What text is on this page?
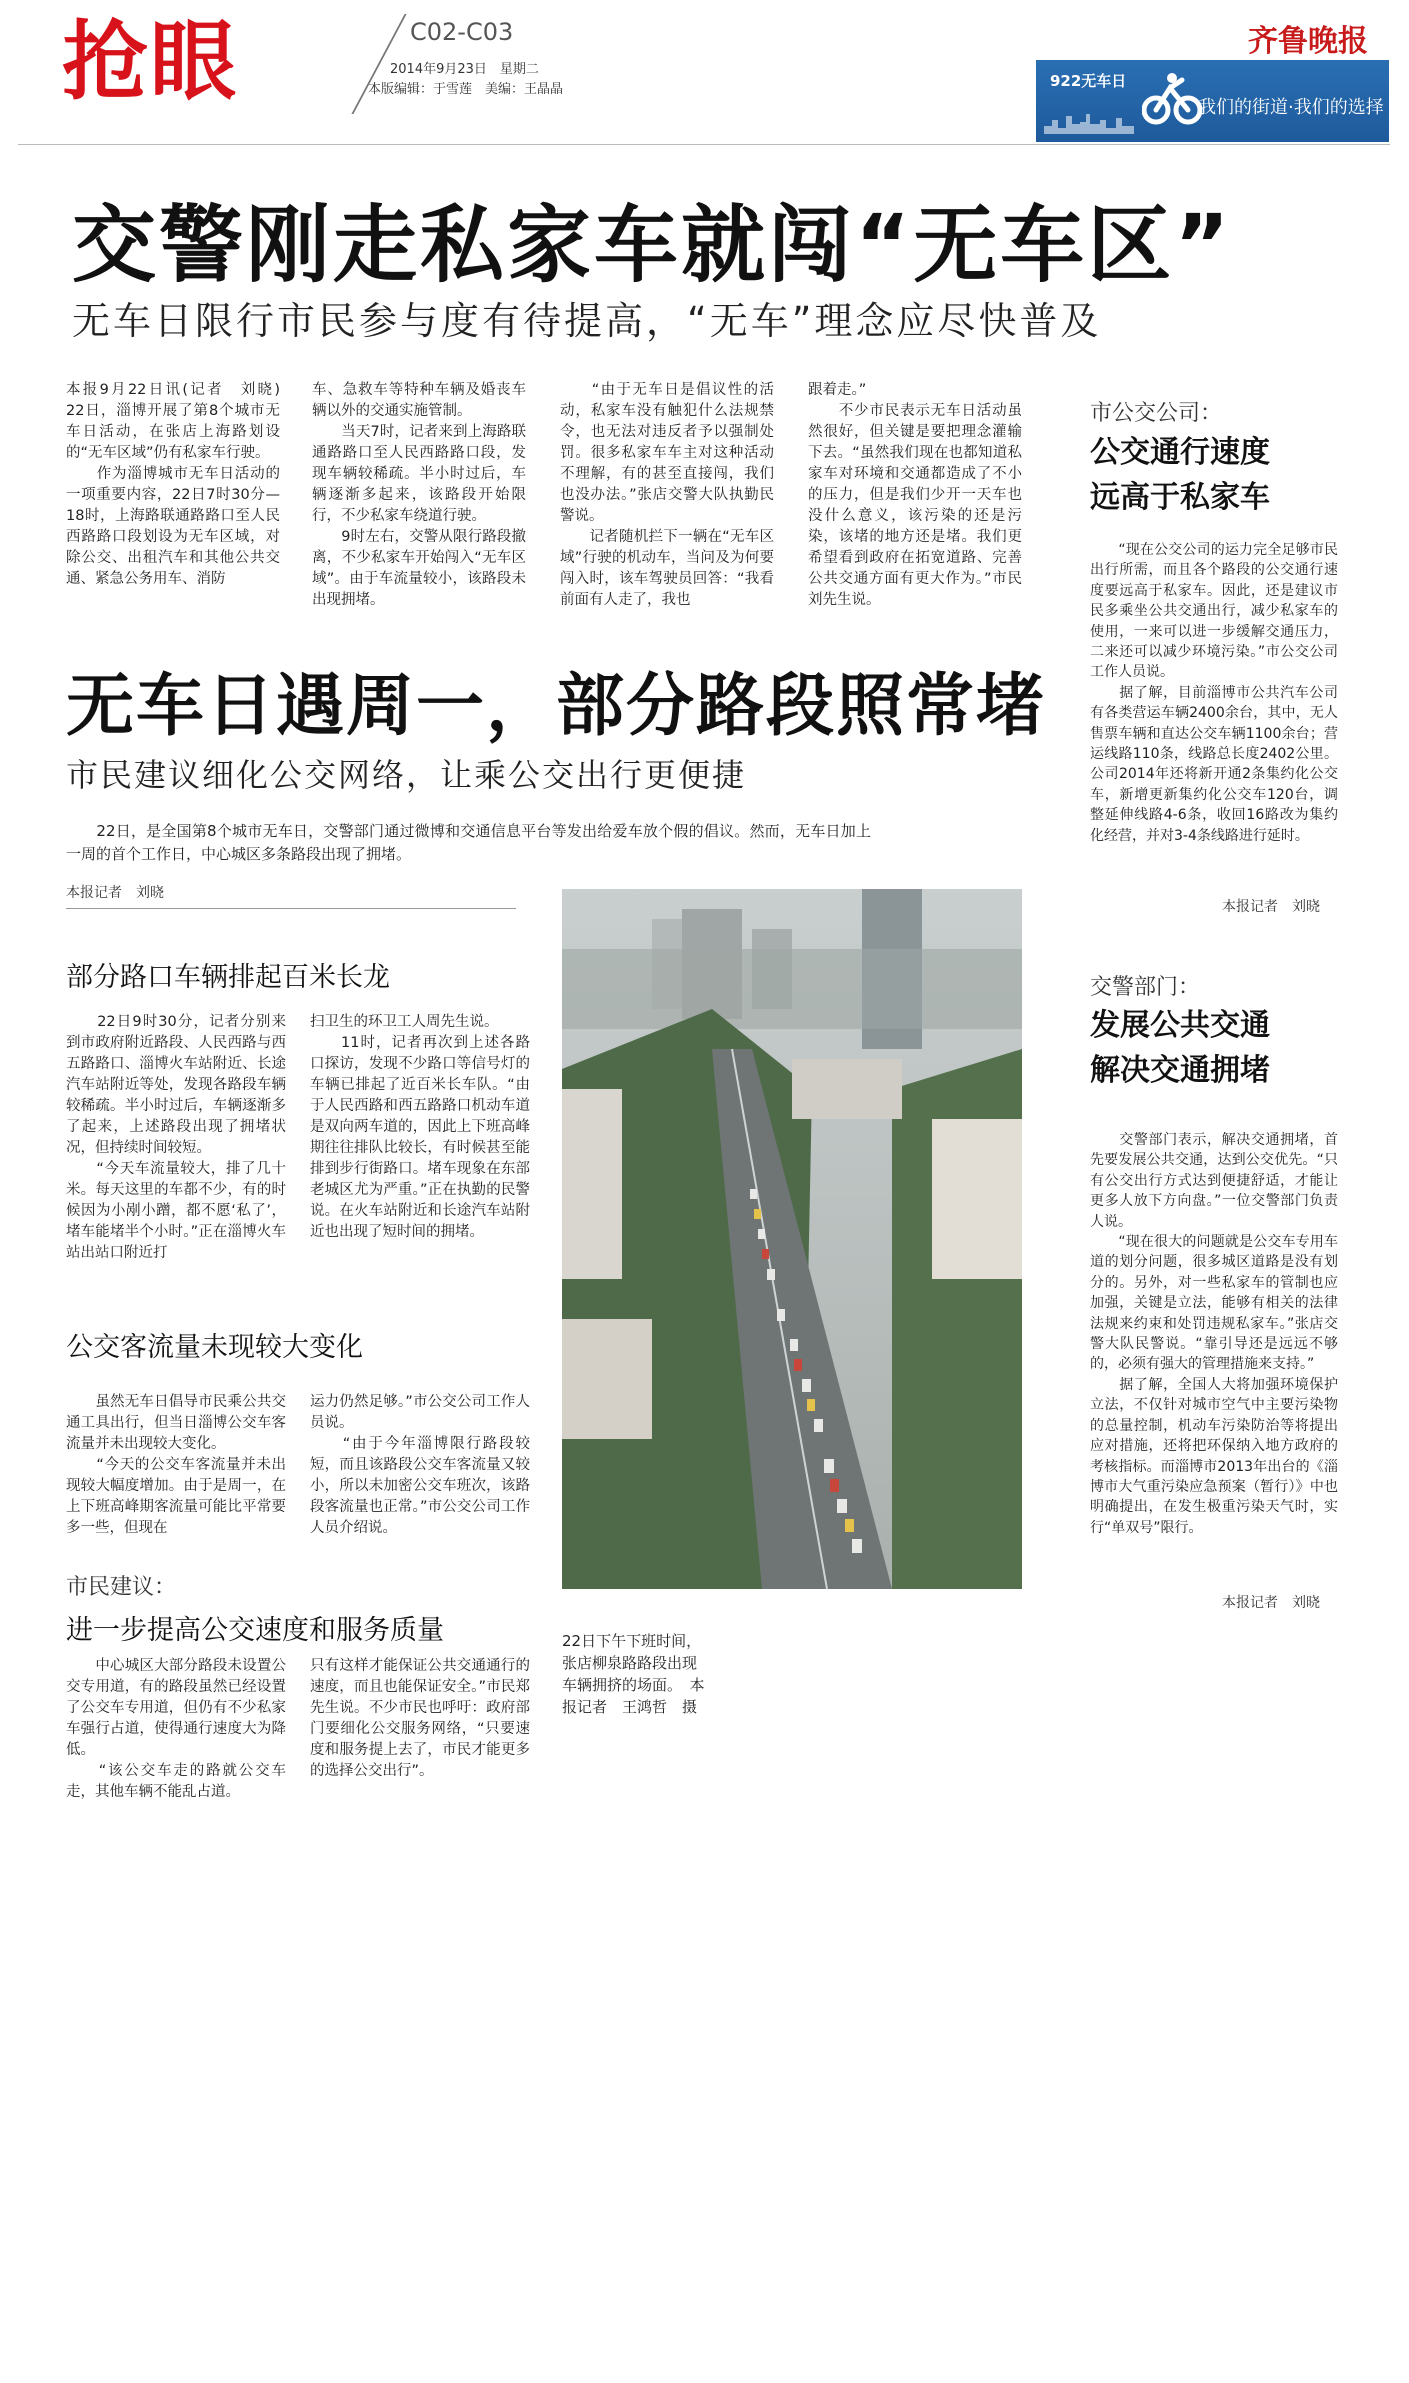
抢眼	C02-C03
2014年9月23日　星期二
本版编辑：于雪莲　美编：王晶晶
齐鲁晚报
922无车日
我们的街道·我们的选择
交警刚走私家车就闯“无车区”
无车日限行市民参与度有待提高，“无车”理念应尽快普及
本报9月22日讯(记者　刘晓)　22日，淄博开展了第8个城市无车日活动，在张店上海路划设的“无车区域”仍有私家车行驶。
　　作为淄博城市无车日活动的一项重要内容，22日7时30分—18时，上海路联通路路口至人民西路路口段划设为无车区域，对除公交、出租汽车和其他公共交通、紧急公务用车、消防
车、急救车等特种车辆及婚丧车辆以外的交通实施管制。
　　当天7时，记者来到上海路联通路路口至人民西路路口段，发现车辆较稀疏。半小时过后，车辆逐渐多起来，该路段开始限行，不少私家车绕道行驶。
　　9时左右，交警从限行路段撤离，不少私家车开始闯入“无车区域”。由于车流量较小，该路段未出现拥堵。
　　“由于无车日是倡议性的活动，私家车没有触犯什么法规禁令，也无法对违反者予以强制处罚。很多私家车车主对这种活动不理解，有的甚至直接闯，我们也没办法。”张店交警大队执勤民警说。
　　记者随机拦下一辆在“无车区域”行驶的机动车，当问及为何要闯入时，该车驾驶员回答：“我看前面有人走了，我也
跟着走。”
　　不少市民表示无车日活动虽然很好，但关键是要把理念灌输下去。“虽然我们现在也都知道私家车对环境和交通都造成了不小的压力，但是我们少开一天车也没什么意义，该污染的还是污染，该堵的地方还是堵。我们更希望看到政府在拓宽道路、完善公共交通方面有更大作为。”市民刘先生说。
市公交公司：
公交通行速度
远高于私家车
　　“现在公交公司的运力完全足够市民出行所需，而且各个路段的公交通行速度要远高于私家车。因此，还是建议市民多乘坐公共交通出行，减少私家车的使用，一来可以进一步缓解交通压力，二来还可以减少环境污染。”市公交公司工作人员说。
　　据了解，目前淄博市公共汽车公司有各类营运车辆2400余台，其中，无人售票车辆和直达公交车辆1100余台；营运线路110条，线路总长度2402公里。公司2014年还将新开通2条集约化公交车，新增更新集约化公交车120台，调整延伸线路4-6条，收回16路改为集约化经营，并对3-4条线路进行延时。
本报记者　刘晓
无车日遇周一，部分路段照常堵
市民建议细化公交网络，让乘公交出行更便捷
　　22日，是全国第8个城市无车日，交警部门通过微博和交通信息平台等发出给爱车放个假的倡议。然而，无车日加上一周的首个工作日，中心城区多条路段出现了拥堵。
本报记者　刘晓
部分路口车辆排起百米长龙
　　22日9时30分，记者分别来到市政府附近路段、人民西路与西五路路口、淄博火车站附近、长途汽车站附近等处，发现各路段车辆较稀疏。半小时过后，车辆逐渐多了起来，上述路段出现了拥堵状况，但持续时间较短。
　　“今天车流量较大，排了几十米。每天这里的车都不少，有的时候因为小剐小蹭，都不愿‘私了’，堵车能堵半个小时。”正在淄博火车站出站口附近打
扫卫生的环卫工人周先生说。
　　11时，记者再次到上述各路口探访，发现不少路口等信号灯的车辆已排起了近百米长车队。“由于人民西路和西五路路口机动车道是双向两车道的，因此上下班高峰期往往排队比较长，有时候甚至能排到步行街路口。堵车现象在东部老城区尤为严重。”正在执勤的民警说。在火车站附近和长途汽车站附近也出现了短时间的拥堵。
公交客流量未现较大变化
　　虽然无车日倡导市民乘公共交通工具出行，但当日淄博公交车客流量并未出现较大变化。
　　“今天的公交车客流量并未出现较大幅度增加。由于是周一，在上下班高峰期客流量可能比平常要多一些，但现在
运力仍然足够。”市公交公司工作人员说。
　　“由于今年淄博限行路段较短，而且该路段公交车客流量又较小，所以未加密公交车班次，该路段客流量也正常。”市公交公司工作人员介绍说。
市民建议：
进一步提高公交速度和服务质量
　　中心城区大部分路段未设置公交专用道，有的路段虽然已经设置了公交车专用道，但仍有不少私家车强行占道，使得通行速度大为降低。
　　“该公交车走的路就公交车走，其他车辆不能乱占道。
只有这样才能保证公共交通通行的速度，而且也能保证安全。”市民郑先生说。不少市民也呼吁：政府部门要细化公交服务网络，“只要速度和服务提上去了，市民才能更多的选择公交出行”。
22日下午下班时间，张店柳泉路路段出现车辆拥挤的场面。　本报记者　王鸿哲　摄
交警部门：
发展公共交通
解决交通拥堵
　　交警部门表示，解决交通拥堵，首先要发展公共交通，达到公交优先。“只有公交出行方式达到便捷舒适，才能让更多人放下方向盘。”一位交警部门负责人说。
　　“现在很大的问题就是公交车专用车道的划分问题，很多城区道路是没有划分的。另外，对一些私家车的管制也应加强，关键是立法，能够有相关的法律法规来约束和处罚违规私家车。”张店交警大队民警说。“靠引导还是远远不够的，必须有强大的管理措施来支持。”
　　据了解，全国人大将加强环境保护立法，不仅针对城市空气中主要污染物的总量控制，机动车污染防治等将提出应对措施，还将把环保纳入地方政府的考核指标。而淄博市2013年出台的《淄博市大气重污染应急预案（暂行）》中也明确提出，在发生极重污染天气时，实行“单双号”限行。
本报记者　刘晓
